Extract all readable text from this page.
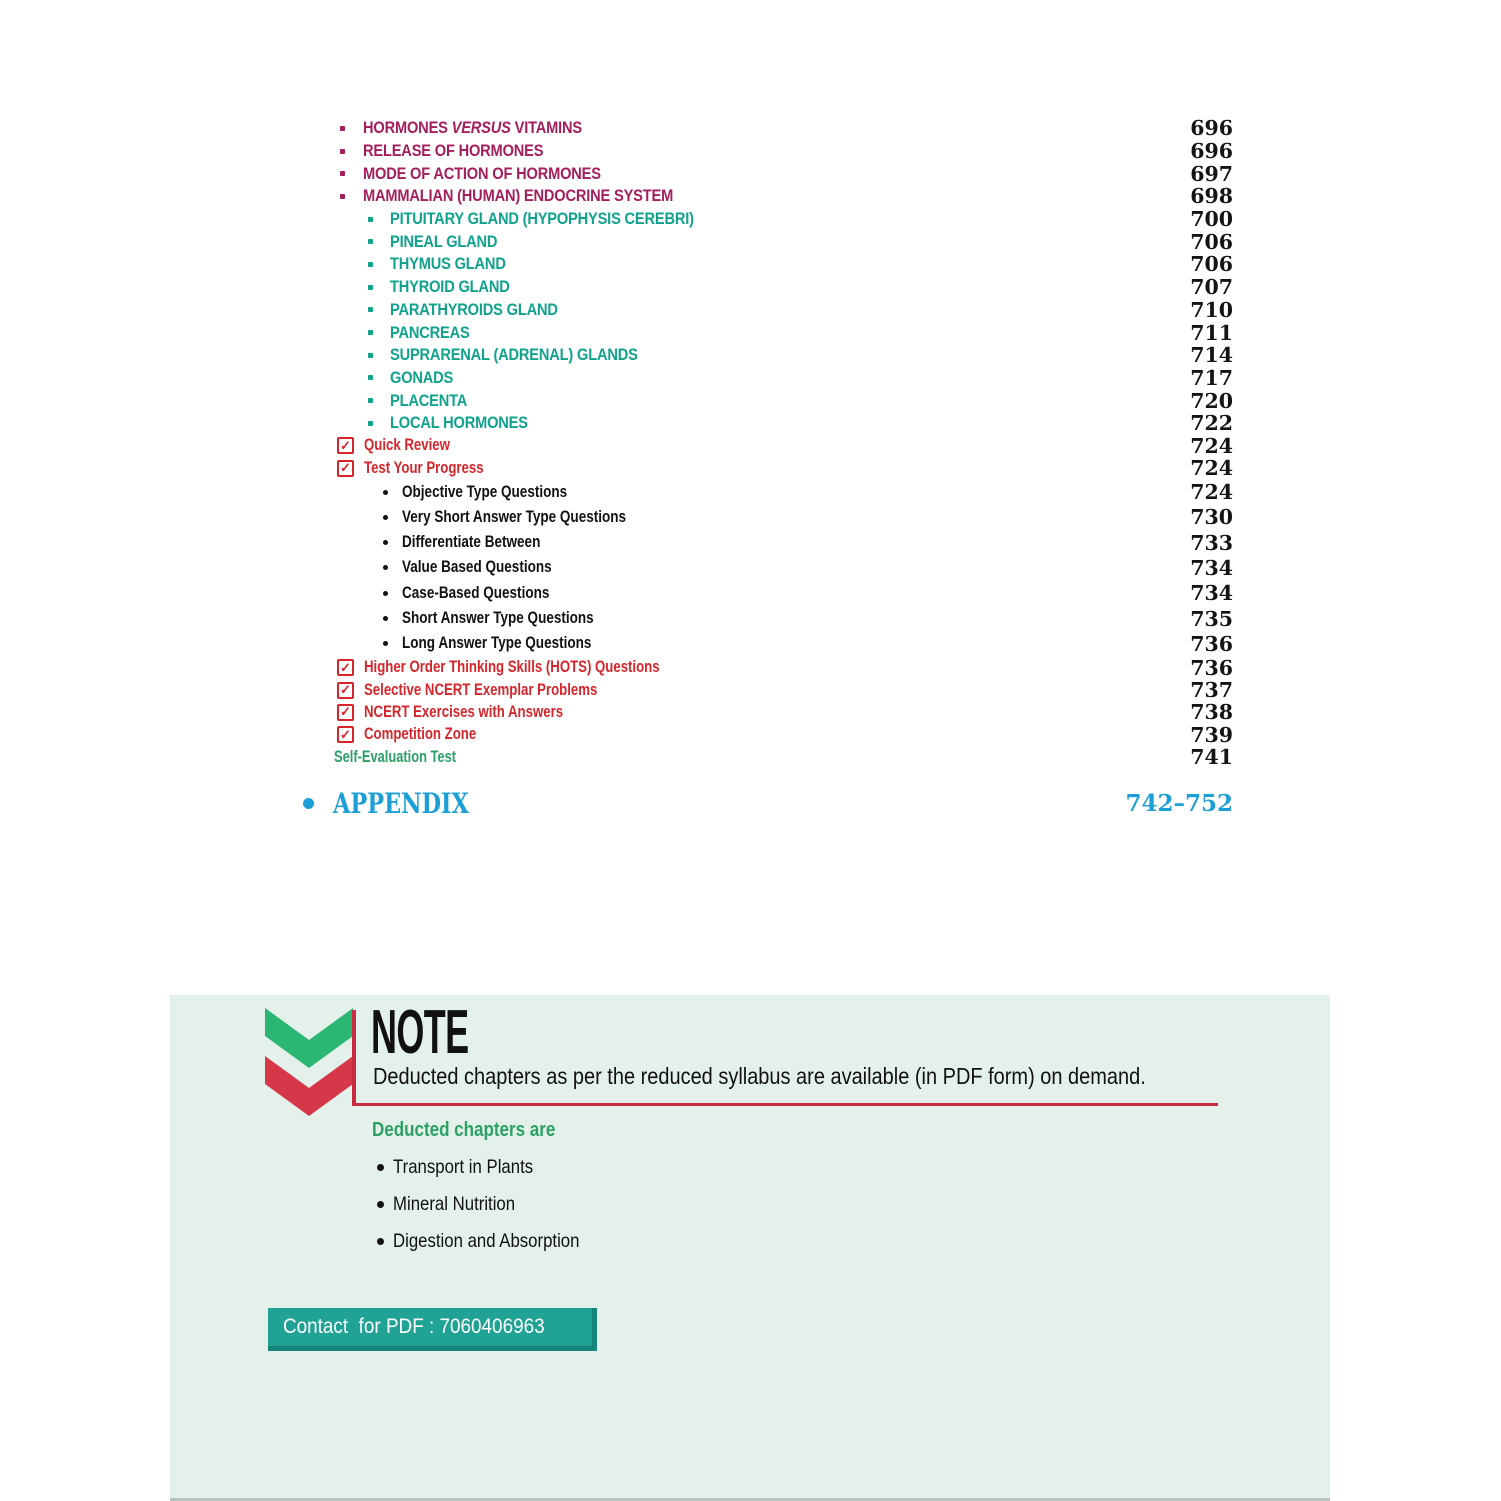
HORMONES VERSUS VITAMINS	696
RELEASE OF HORMONES	696
MODE OF ACTION OF HORMONES	697
MAMMALIAN (HUMAN) ENDOCRINE SYSTEM	698
PITUITARY GLAND (HYPOPHYSIS CEREBRI)	700
PINEAL GLAND	706
THYMUS GLAND	706
THYROID GLAND	707
PARATHYROIDS GLAND	710
PANCREAS	711
SUPRARENAL (ADRENAL) GLANDS	714
GONADS	717
PLACENTA	720
LOCAL HORMONES	722
✓ Quick Review	724
✓ Test Your Progress	724
Objective Type Questions	724
Very Short Answer Type Questions	730
Differentiate Between	733
Value Based Questions	734
Case-Based Questions	734
Short Answer Type Questions	735
Long Answer Type Questions	736
✓ Higher Order Thinking Skills (HOTS) Questions	736
✓ Selective NCERT Exemplar Problems	737
✓ NCERT Exercises with Answers	738
✓ Competition Zone	739
Self-Evaluation Test	741
APPENDIX	742–752
NOTE
Deducted chapters as per the reduced syllabus are available (in PDF form) on demand.
Deducted chapters are
Transport in Plants
Mineral Nutrition
Digestion and Absorption
Contact  for PDF : 7060406963
